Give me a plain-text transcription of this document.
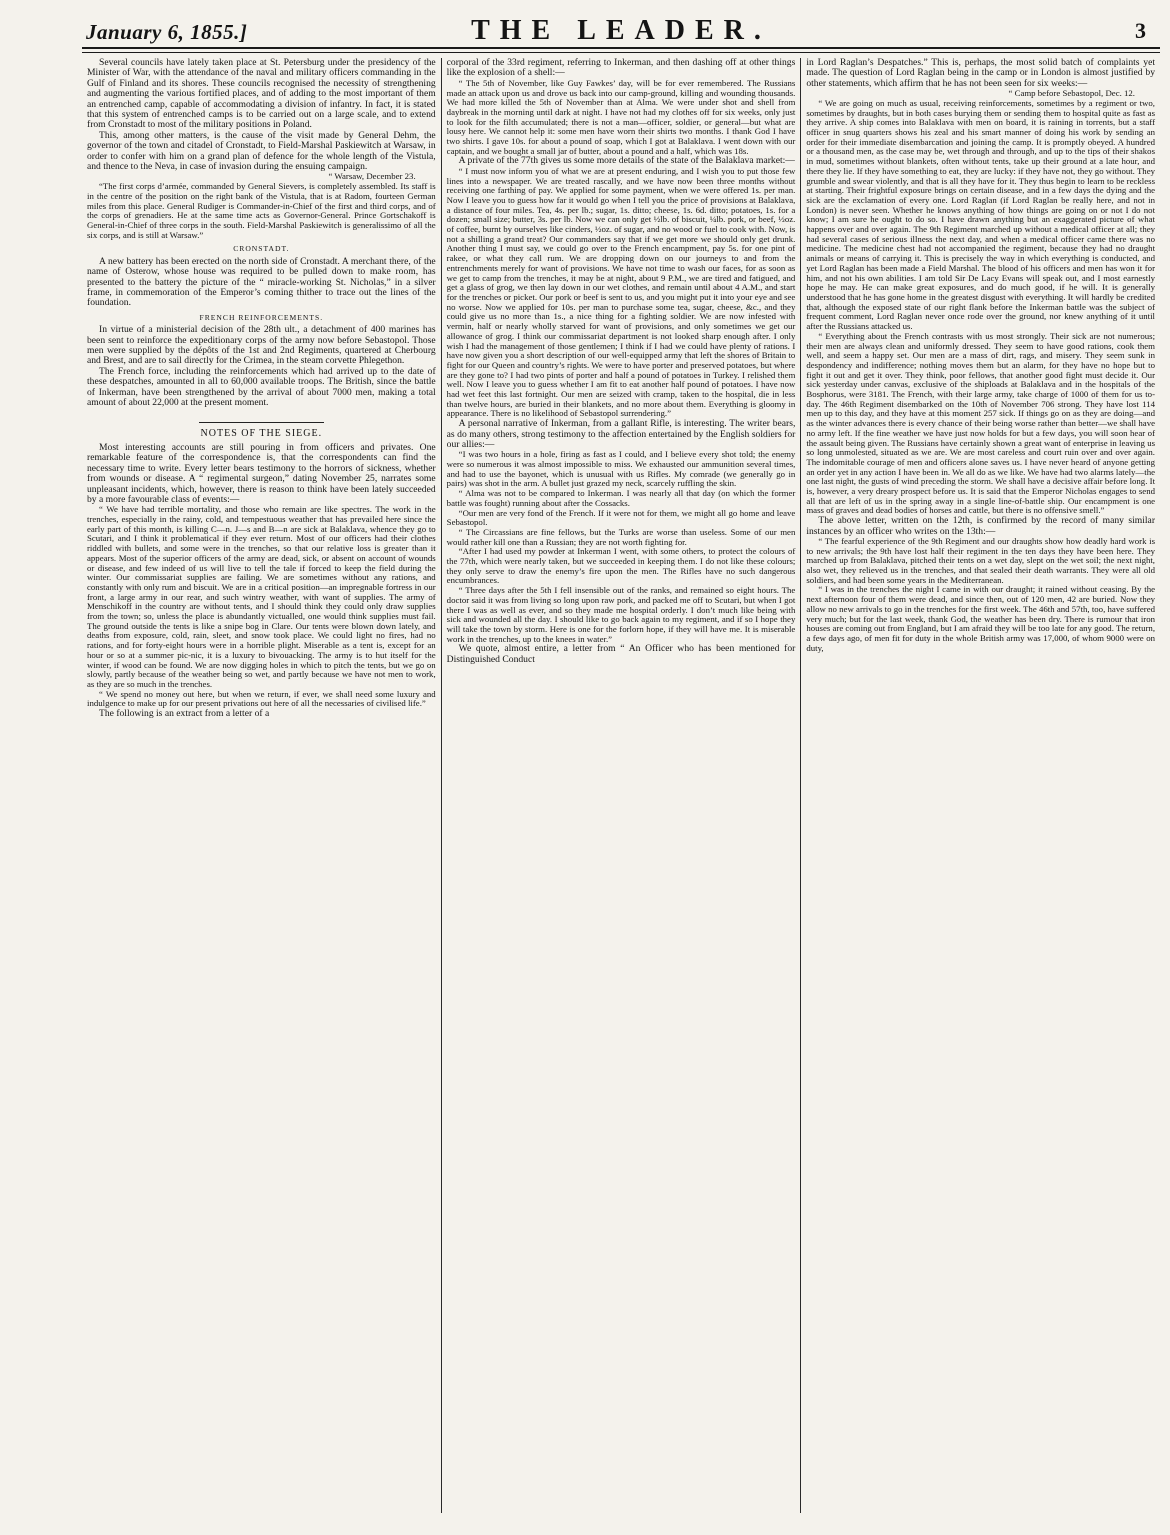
January 6, 1855.]	THE LEADER.	3

Several councils have lately taken place at St. Petersburg under the presidency of the Minister of War, with the attendance of the naval and military officers commanding in the Gulf of Finland and its shores. These councils recognised the necessity of strengthening and augmenting the various fortified places, and of adding to the most important of them an entrenched camp, capable of accommodating a division of infantry. In fact, it is stated that this system of entrenched camps is to be carried out on a large scale, and to extend from Cronstadt to most of the military positions in Poland.

This, among other matters, is the cause of the visit made by General Dehm, the governor of the town and citadel of Cronstadt, to Field-Marshal Paskiewitch at Warsaw, in order to confer with him on a grand plan of defence for the whole length of the Vistula, and thence to the Neva, in case of invasion during the ensuing campaign.

“ Warsaw, December 23.

“The first corps d’armée, commanded by General Sievers, is completely assembled. Its staff is in the centre of the position on the right bank of the Vistula, that is at Radom, fourteen German miles from this place. General Rudiger is Commander-in-Chief of the first and third corps, and of the corps of grenadiers. He at the same time acts as Governor-General. Prince Gortschakoff is General-in-Chief of three corps in the south. Field-Marshal Paskiewitch is generalissimo of all the six corps, and is still at Warsaw.”

CRONSTADT.

A new battery has been erected on the north side of Cronstadt. A merchant there, of the name of Osterow, whose house was required to be pulled down to make room, has presented to the battery the picture of the “ miracle-working St. Nicholas,” in a silver frame, in commemoration of the Emperor’s coming thither to trace out the lines of the foundation.

FRENCH REINFORCEMENTS.

In virtue of a ministerial decision of the 28th ult., a detachment of 400 marines has been sent to reinforce the expeditionary corps of the army now before Sebastopol. Those men were supplied by the dépôts of the 1st and 2nd Regiments, quartered at Cherbourg and Brest, and are to sail directly for the Crimea, in the steam corvette Phlegethon.

The French force, including the reinforcements which had arrived up to the date of these despatches, amounted in all to 60,000 available troops. The British, since the battle of Inkerman, have been strengthened by the arrival of about 7000 men, making a total amount of about 22,000 at the present moment.

NOTES OF THE SIEGE.

Most interesting accounts are still pouring in from officers and privates. One remarkable feature of the correspondence is, that the correspondents can find the necessary time to write. Every letter bears testimony to the horrors of sickness, whether from wounds or disease. A “ regimental surgeon,” dating November 25, narrates some unpleasant incidents, which, however, there is reason to think have been lately succeeded by a more favourable class of events:—

“ We have had terrible mortality, and those who remain are like spectres. The work in the trenches, especially in the rainy, cold, and tempestuous weather that has prevailed here since the early part of this month, is killing C—n. J—s and B—n are sick at Balaklava, whence they go to Scutari, and I think it problematical if they ever return. Most of our officers had their clothes riddled with bullets, and some were in the trenches, so that our relative loss is greater than it appears. Most of the superior officers of the army are dead, sick, or absent on account of wounds or disease, and few indeed of us will live to tell the tale if forced to keep the field during the winter. Our commissariat supplies are failing. We are sometimes without any rations, and constantly with only rum and biscuit. We are in a critical position—an impregnable fortress in our front, a large army in our rear, and such wintry weather, with want of supplies. The army of Menschikoff in the country are without tents, and I should think they could only draw supplies from the town; so, unless the place is abundantly victualled, one would think supplies must fail. The ground outside the tents is like a snipe bog in Clare. Our tents were blown down lately, and deaths from exposure, cold, rain, sleet, and snow took place. We could light no fires, had no rations, and for forty-eight hours were in a horrible plight. Miserable as a tent is, except for an hour or so at a summer pic-nic, it is a luxury to bivouacking. The army is to hut itself for the winter, if wood can be found. We are now digging holes in which to pitch the tents, but we go on slowly, partly because of the weather being so wet, and partly because we have not men to work, as they are so much in the trenches.

“ We spend no money out here, but when we return, if ever, we shall need some luxury and indulgence to make up for our present privations out here of all the necessaries of civilised life.”

The following is an extract from a letter of a

corporal of the 33rd regiment, referring to Inkerman, and then dashing off at other things like the explosion of a shell:—

“ The 5th of November, like Guy Fawkes’ day, will be for ever remembered. The Russians made an attack upon us and drove us back into our camp-ground, killing and wounding thousands. We had more killed the 5th of November than at Alma. We were under shot and shell from daybreak in the morning until dark at night. I have not had my clothes off for six weeks, only just to look for the filth accumulated; there is not a man—officer, soldier, or general—but what are lousy here. We cannot help it: some men have worn their shirts two months. I thank God I have two shirts. I gave 10s. for about a pound of soap, which I got at Balaklava. I went down with our captain, and we bought a small jar of butter, about a pound and a half, which was 18s.

A private of the 77th gives us some more details of the state of the Balaklava market:—

“ I must now inform you of what we are at present enduring, and I wish you to put those few lines into a newspaper. We are treated rascally, and we have now been three months without receiving one farthing of pay. We applied for some payment, when we were offered 1s. per man. Now I leave you to guess how far it would go when I tell you the price of provisions at Balaklava, a distance of four miles. Tea, 4s. per lb.; sugar, 1s. ditto; cheese, 1s. 6d. ditto; potatoes, 1s. for a dozen; small size; butter, 3s. per lb. Now we can only get ½lb. of biscuit, ¼lb. pork, or beef, ½oz. of coffee, burnt by ourselves like cinders, ½oz. of sugar, and no wood or fuel to cook with. Now, is not a shilling a grand treat? Our commanders say that if we get more we should only get drunk. Another thing I must say, we could go over to the French encampment, pay 5s. for one pint of rakee, or what they call rum. We are dropping down on our journeys to and from the entrenchments merely for want of provisions. We have not time to wash our faces, for as soon as we get to camp from the trenches, it may be at night, about 9 P.M., we are tired and fatigued, and get a glass of grog, we then lay down in our wet clothes, and remain until about 4 A.M., and start for the trenches or picket. Our pork or beef is sent to us, and you might put it into your eye and see no worse. Now we applied for 10s. per man to purchase some tea, sugar, cheese, &c., and they could give us no more than 1s., a nice thing for a fighting soldier. We are now infested with vermin, half or nearly wholly starved for want of provisions, and only sometimes we get our allowance of grog. I think our commissariat department is not looked sharp enough after. I only wish I had the management of those gentlemen; I think if I had we could have plenty of rations. I have now given you a short description of our well-equipped army that left the shores of Britain to fight for our Queen and country’s rights. We were to have porter and preserved potatoes, but where are they gone to? I had two pints of porter and half a pound of potatoes in Turkey. I relished them well. Now I leave you to guess whether I am fit to eat another half pound of potatoes. I have now had wet feet this last fortnight. Our men are seized with cramp, taken to the hospital, die in less than twelve hours, are buried in their blankets, and no more about them. Everything is gloomy in appearance. There is no likelihood of Sebastopol surrendering.”

A personal narrative of Inkerman, from a gallant Rifle, is interesting. The writer bears, as do many others, strong testimony to the affection entertained by the English soldiers for our allies:—

“I was two hours in a hole, firing as fast as I could, and I believe every shot told; the enemy were so numerous it was almost impossible to miss. We exhausted our ammunition several times, and had to use the bayonet, which is unusual with us Rifles. My comrade (we generally go in pairs) was shot in the arm. A bullet just grazed my neck, scarcely ruffling the skin.

“ Alma was not to be compared to Inkerman. I was nearly all that day (on which the former battle was fought) running about after the Cossacks.

“Our men are very fond of the French. If it were not for them, we might all go home and leave Sebastopol.

“ The Circassians are fine fellows, but the Turks are worse than useless. Some of our men would rather kill one than a Russian; they are not worth fighting for.

“After I had used my powder at Inkerman I went, with some others, to protect the colours of the 77th, which were nearly taken, but we succeeded in keeping them. I do not like these colours; they only serve to draw the enemy’s fire upon the men. The Rifles have no such dangerous encumbrances.

“ Three days after the 5th I fell insensible out of the ranks, and remained so eight hours. The doctor said it was from living so long upon raw pork, and packed me off to Scutari, but when I got there I was as well as ever, and so they made me hospital orderly. I don’t much like being with sick and wounded all the day. I should like to go back again to my regiment, and if so I hope they will take the town by storm. Here is one for the forlorn hope, if they will have me. It is miserable work in the trenches, up to the knees in water.”

We quote, almost entire, a letter from “ An Officer who has been mentioned for Distinguished Conduct

in Lord Raglan’s Despatches.” This is, perhaps, the most solid batch of complaints yet made. The question of Lord Raglan being in the camp or in London is almost justified by other statements, which affirm that he has not been seen for six weeks:—

“ Camp before Sebastopol, Dec. 12.

“ We are going on much as usual, receiving reinforcements, sometimes by a regiment or two, sometimes by draughts, but in both cases burying them or sending them to hospital quite as fast as they arrive. A ship comes into Balaklava with men on board, it is raining in torrents, but a staff officer in snug quarters shows his zeal and his smart manner of doing his work by sending an order for their immediate disembarcation and joining the camp. It is promptly obeyed. A hundred or a thousand men, as the case may be, wet through and through, and up to the tips of their shakos in mud, sometimes without blankets, often without tents, take up their ground at a late hour, and there they lie. If they have something to eat, they are lucky: if they have not, they go without. They grumble and swear violently, and that is all they have for it. They thus begin to learn to be reckless at starting. Their frightful exposure brings on certain disease, and in a few days the dying and the sick are the exclamation of every one. Lord Raglan (if Lord Raglan be really here, and not in London) is never seen. Whether he knows anything of how things are going on or not I do not know; I am sure he ought to do so. I have drawn anything but an exaggerated picture of what happens over and over again. The 9th Regiment marched up without a medical officer at all; they had several cases of serious illness the next day, and when a medical officer came there was no medicine. The medicine chest had not accompanied the regiment, because they had no draught animals or means of carrying it. This is precisely the way in which everything is conducted, and yet Lord Raglan has been made a Field Marshal. The blood of his officers and men has won it for him, and not his own abilities. I am told Sir De Lacy Evans will speak out, and I most earnestly hope he may. He can make great exposures, and do much good, if he will. It is generally understood that he has gone home in the greatest disgust with everything. It will hardly be credited that, although the exposed state of our right flank before the Inkerman battle was the subject of frequent comment, Lord Raglan never once rode over the ground, nor knew anything of it until after the Russians attacked us.

“ Everything about the French contrasts with us most strongly. Their sick are not numerous; their men are always clean and uniformly dressed. They seem to have good rations, cook them well, and seem a happy set. Our men are a mass of dirt, rags, and misery. They seem sunk in despondency and indifference; nothing moves them but an alarm, for they have no hope but to fight it out and get it over. They think, poor fellows, that another good fight must decide it. Our sick yesterday under canvas, exclusive of the shiploads at Balaklava and in the hospitals of the Bosphorus, were 3181. The French, with their large army, take charge of 1000 of them for us to-day. The 46th Regiment disembarked on the 10th of November 706 strong. They have lost 114 men up to this day, and they have at this moment 257 sick. If things go on as they are doing—and as the winter advances there is every chance of their being worse rather than better—we shall have no army left. If the fine weather we have just now holds for but a few days, you will soon hear of the assault being given. The Russians have certainly shown a great want of enterprise in leaving us so long unmolested, situated as we are. We are most careless and court ruin over and over again. The indomitable courage of men and officers alone saves us. I have never heard of anyone getting an order yet in any action I have been in. We all do as we like. We have had two alarms lately—the one last night, the gusts of wind preceding the storm. We shall have a decisive affair before long. It is, however, a very dreary prospect before us. It is said that the Emperor Nicholas engages to send all that are left of us in the spring away in a single line-of-battle ship. Our encampment is one mass of graves and dead bodies of horses and cattle, but there is no offensive smell.”

The above letter, written on the 12th, is confirmed by the record of many similar instances by an officer who writes on the 13th:—

“ The fearful experience of the 9th Regiment and our draughts show how deadly hard work is to new arrivals; the 9th have lost half their regiment in the ten days they have been here. They marched up from Balaklava, pitched their tents on a wet day, slept on the wet soil; the next night, also wet, they relieved us in the trenches, and that sealed their death warrants. They were all old soldiers, and had been some years in the Mediterranean.

“ I was in the trenches the night I came in with our draught; it rained without ceasing. By the next afternoon four of them were dead, and since then, out of 120 men, 42 are buried. Now they allow no new arrivals to go in the trenches for the first week. The 46th and 57th, too, have suffered very much; but for the last week, thank God, the weather has been dry. There is rumour that iron houses are coming out from England, but I am afraid they will be too late for any good. The return, a few days ago, of men fit for duty in the whole British army was 17,000, of whom 9000 were on duty,
